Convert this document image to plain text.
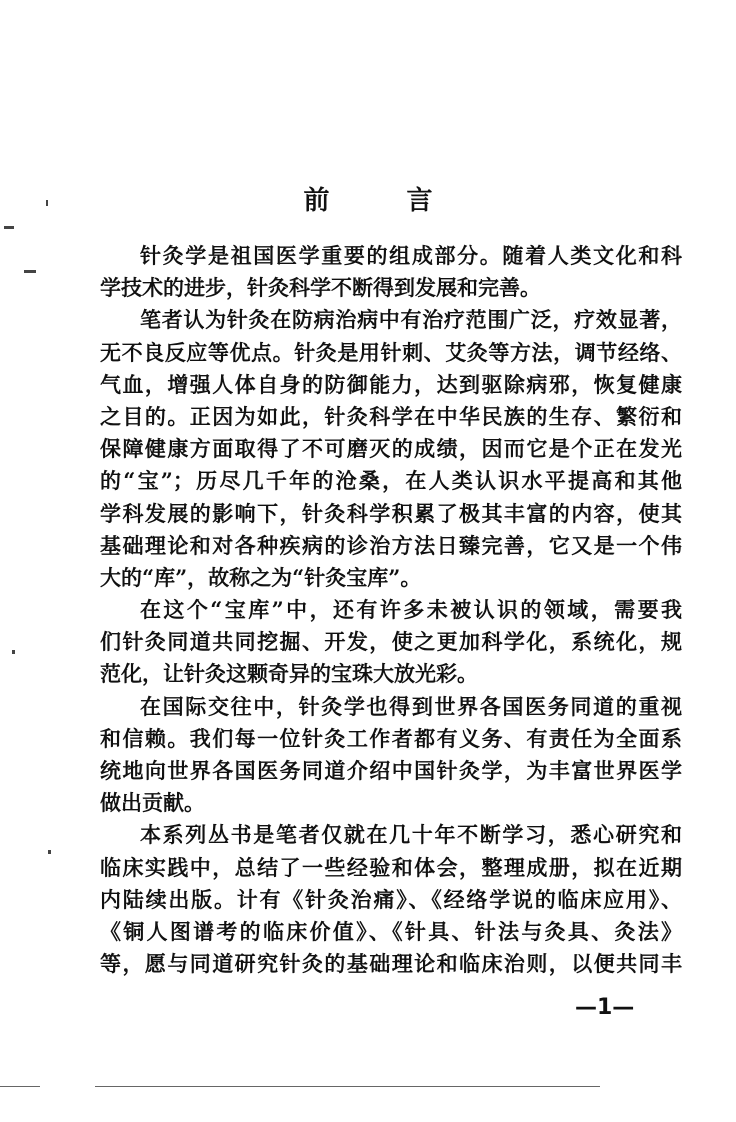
前 言
针灸学是祖国医学重要的组成部分。随着人类文化和科
学技术的进步，针灸科学不断得到发展和完善。
笔者认为针灸在防病治病中有治疗范围广泛，疗效显著，
无不良反应等优点。针灸是用针刺、艾灸等方法，调节经络、
气血，增强人体自身的防御能力，达到驱除病邪，恢复健康
之目的。正因为如此，针灸科学在中华民族的生存、繁衍和
保障健康方面取得了不可磨灭的成绩，因而它是个正在发光
的“宝”；历尽几千年的沧桑，在人类认识水平提高和其他
学科发展的影响下，针灸科学积累了极其丰富的内容，使其
基础理论和对各种疾病的诊治方法日臻完善，它又是一个伟
大的“库”，故称之为“针灸宝库”。
在这个“宝库”中，还有许多未被认识的领域，需要我
们针灸同道共同挖掘、开发，使之更加科学化，系统化，规
范化，让针灸这颗奇异的宝珠大放光彩。
在国际交往中，针灸学也得到世界各国医务同道的重视
和信赖。我们每一位针灸工作者都有义务、有责任为全面系
统地向世界各国医务同道介绍中国针灸学，为丰富世界医学
做出贡献。
本系列丛书是笔者仅就在几十年不断学习，悉心研究和
临床实践中，总结了一些经验和体会，整理成册，拟在近期
内陆续出版。计有《针灸治痛》、《经络学说的临床应用》、
《铜人图谱考的临床价值》、《针具、针法与灸具、灸法》
等，愿与同道研究针灸的基础理论和临床治则，以便共同丰
—1—
